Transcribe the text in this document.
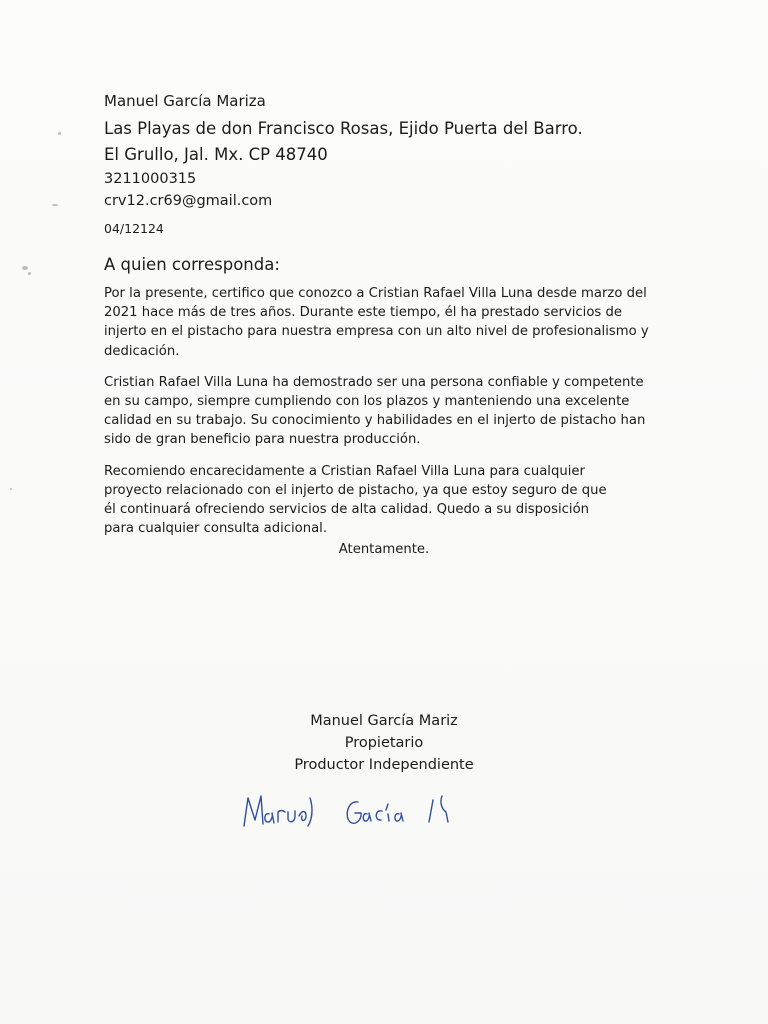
Manuel García Mariza
Las Playas de don Francisco Rosas, Ejido Puerta del Barro.
El Grullo, Jal. Mx. CP 48740
3211000315
crv12.cr69@gmail.com
04/12124
A quien corresponda:

Por la presente, certifico que conozco a Cristian Rafael Villa Luna desde marzo del
2021 hace más de tres años. Durante este tiempo, él ha prestado servicios de
injerto en el pistacho para nuestra empresa con un alto nivel de profesionalismo y
dedicación.

Cristian Rafael Villa Luna ha demostrado ser una persona confiable y competente
en su campo, siempre cumpliendo con los plazos y manteniendo una excelente
calidad en su trabajo. Su conocimiento y habilidades en el injerto de pistacho han
sido de gran beneficio para nuestra producción.

Recomiendo encarecidamente a Cristian Rafael Villa Luna para cualquier
proyecto relacionado con el injerto de pistacho, ya que estoy seguro de que
él continuará ofreciendo servicios de alta calidad. Quedo a su disposición
para cualquier consulta adicional.

Atentamente.
Manuel García Mariz
Propietario
Productor Independiente
